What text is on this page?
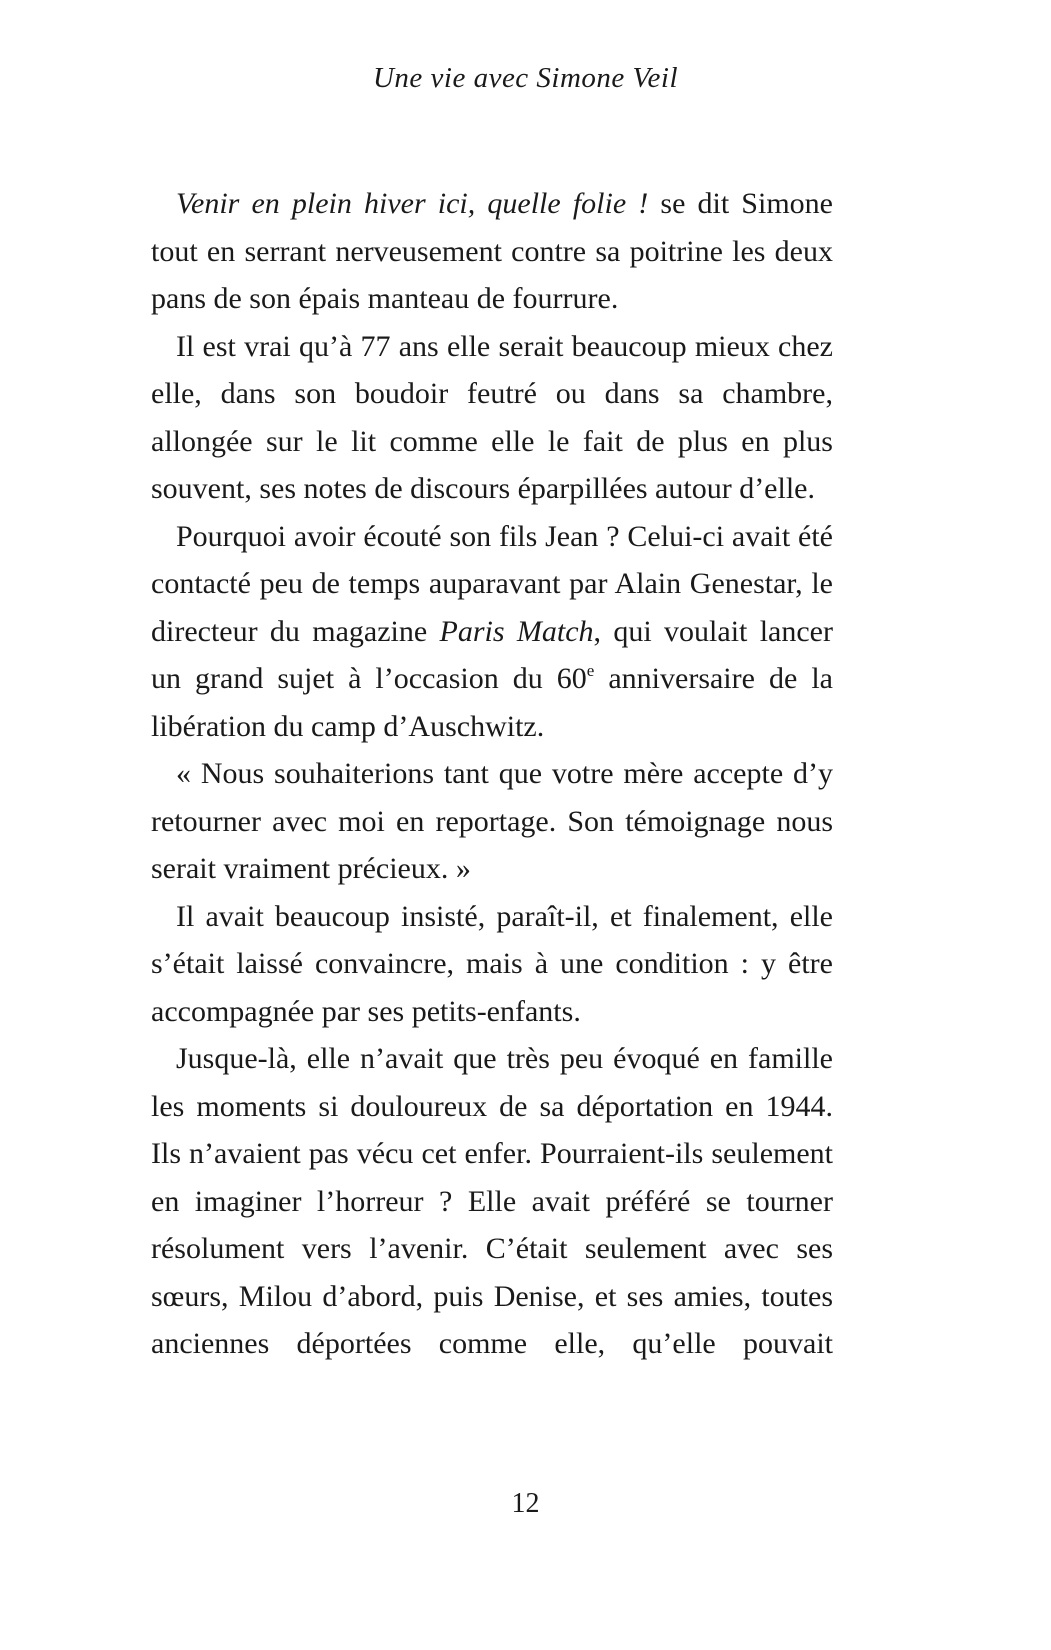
Une vie avec Simone Veil

Venir en plein hiver ici, quelle folie ! se dit Simone tout en serrant nerveusement contre sa poitrine les deux pans de son épais manteau de fourrure.

Il est vrai qu’à 77 ans elle serait beaucoup mieux chez elle, dans son boudoir feutré ou dans sa chambre, allongée sur le lit comme elle le fait de plus en plus souvent, ses notes de discours éparpillées autour d’elle.

Pourquoi avoir écouté son fils Jean ? Celui-ci avait été contacté peu de temps auparavant par Alain Genestar, le directeur du magazine Paris Match, qui voulait lancer un grand sujet à l’occasion du 60e anniversaire de la libération du camp d’Auschwitz.

« Nous souhaiterions tant que votre mère accepte d’y retourner avec moi en reportage. Son témoignage nous serait vraiment précieux. »

Il avait beaucoup insisté, paraît-il, et finalement, elle s’était laissé convaincre, mais à une condition : y être accompagnée par ses petits-enfants.

Jusque-là, elle n’avait que très peu évoqué en famille les moments si douloureux de sa déportation en 1944. Ils n’avaient pas vécu cet enfer. Pourraient-ils seulement en imaginer l’horreur ? Elle avait préféré se tourner résolument vers l’avenir. C’était seulement avec ses sœurs, Milou d’abord, puis Denise, et ses amies, toutes anciennes déportées comme elle, qu’elle pouvait

12
